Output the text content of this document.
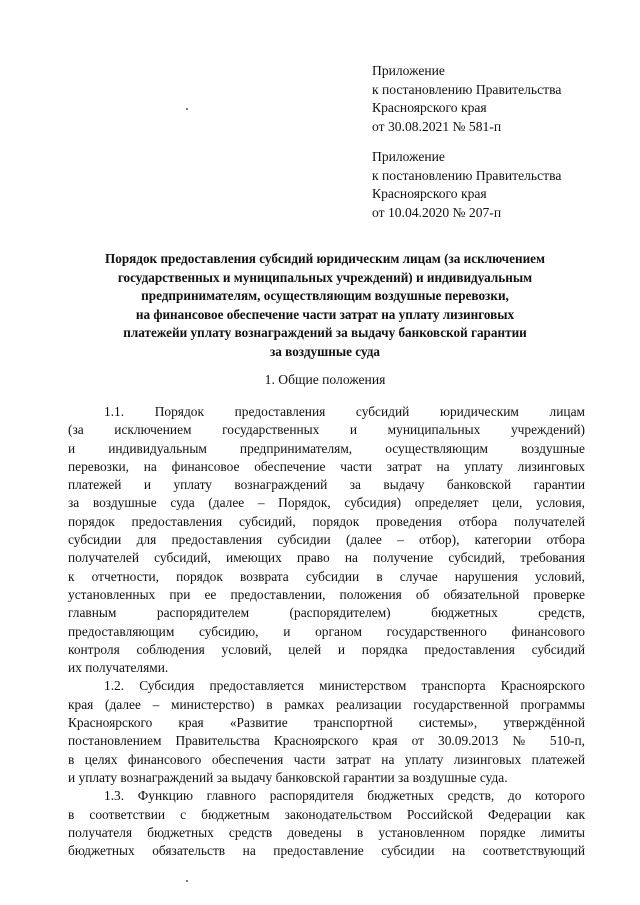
Приложение
к постановлению Правительства
Красноярского края
от 30.08.2021 № 581-п
Приложение
к постановлению Правительства
Красноярского края
от 10.04.2020 № 207-п
Порядок предоставления субсидий юридическим лицам (за исключением
государственных и муниципальных учреждений) и индивидуальным
предпринимателям, осуществляющим воздушные перевозки,
на финансовое обеспечение части затрат на уплату лизинговых
платежейи уплату вознаграждений за выдачу банковской гарантии
за воздушные суда
1. Общие положения

1.1. Порядок предоставления субсидий юридическим лицам
(за исключением государственных и муниципальных учреждений)
и индивидуальным предпринимателям, осуществляющим воздушные
перевозки, на финансовое обеспечение части затрат на уплату лизинговых
платежей и уплату вознаграждений за выдачу банковской гарантии
за воздушные суда (далее – Порядок, субсидия) определяет цели, условия,
порядок предоставления субсидий, порядок проведения отбора получателей
субсидии для предоставления субсидии (далее – отбор), категории отбора
получателей субсидий, имеющих право на получение субсидий, требования
к отчетности, порядок возврата субсидии в случае нарушения условий,
установленных при ее предоставлении, положения об обязательной проверке
главным распорядителем (распорядителем) бюджетных средств,
предоставляющим субсидию, и органом государственного финансового
контроля соблюдения условий, целей и порядка предоставления субсидий
их получателями.

1.2. Субсидия предоставляется министерством транспорта Красноярского
края (далее – министерство) в рамках реализации государственной программы
Красноярского края «Развитие транспортной системы», утверждённой
постановлением Правительства Красноярского края от 30.09.2013 № 510-п,
в целях финансового обеспечения части затрат на уплату лизинговых платежей
и уплату вознаграждений за выдачу банковской гарантии за воздушные суда.

1.3. Функцию главного распорядителя бюджетных средств, до которого
в соответствии с бюджетным законодательством Российской Федерации как
получателя бюджетных средств доведены в установленном порядке лимиты
бюджетных обязательств на предоставление субсидии на соответствующий
